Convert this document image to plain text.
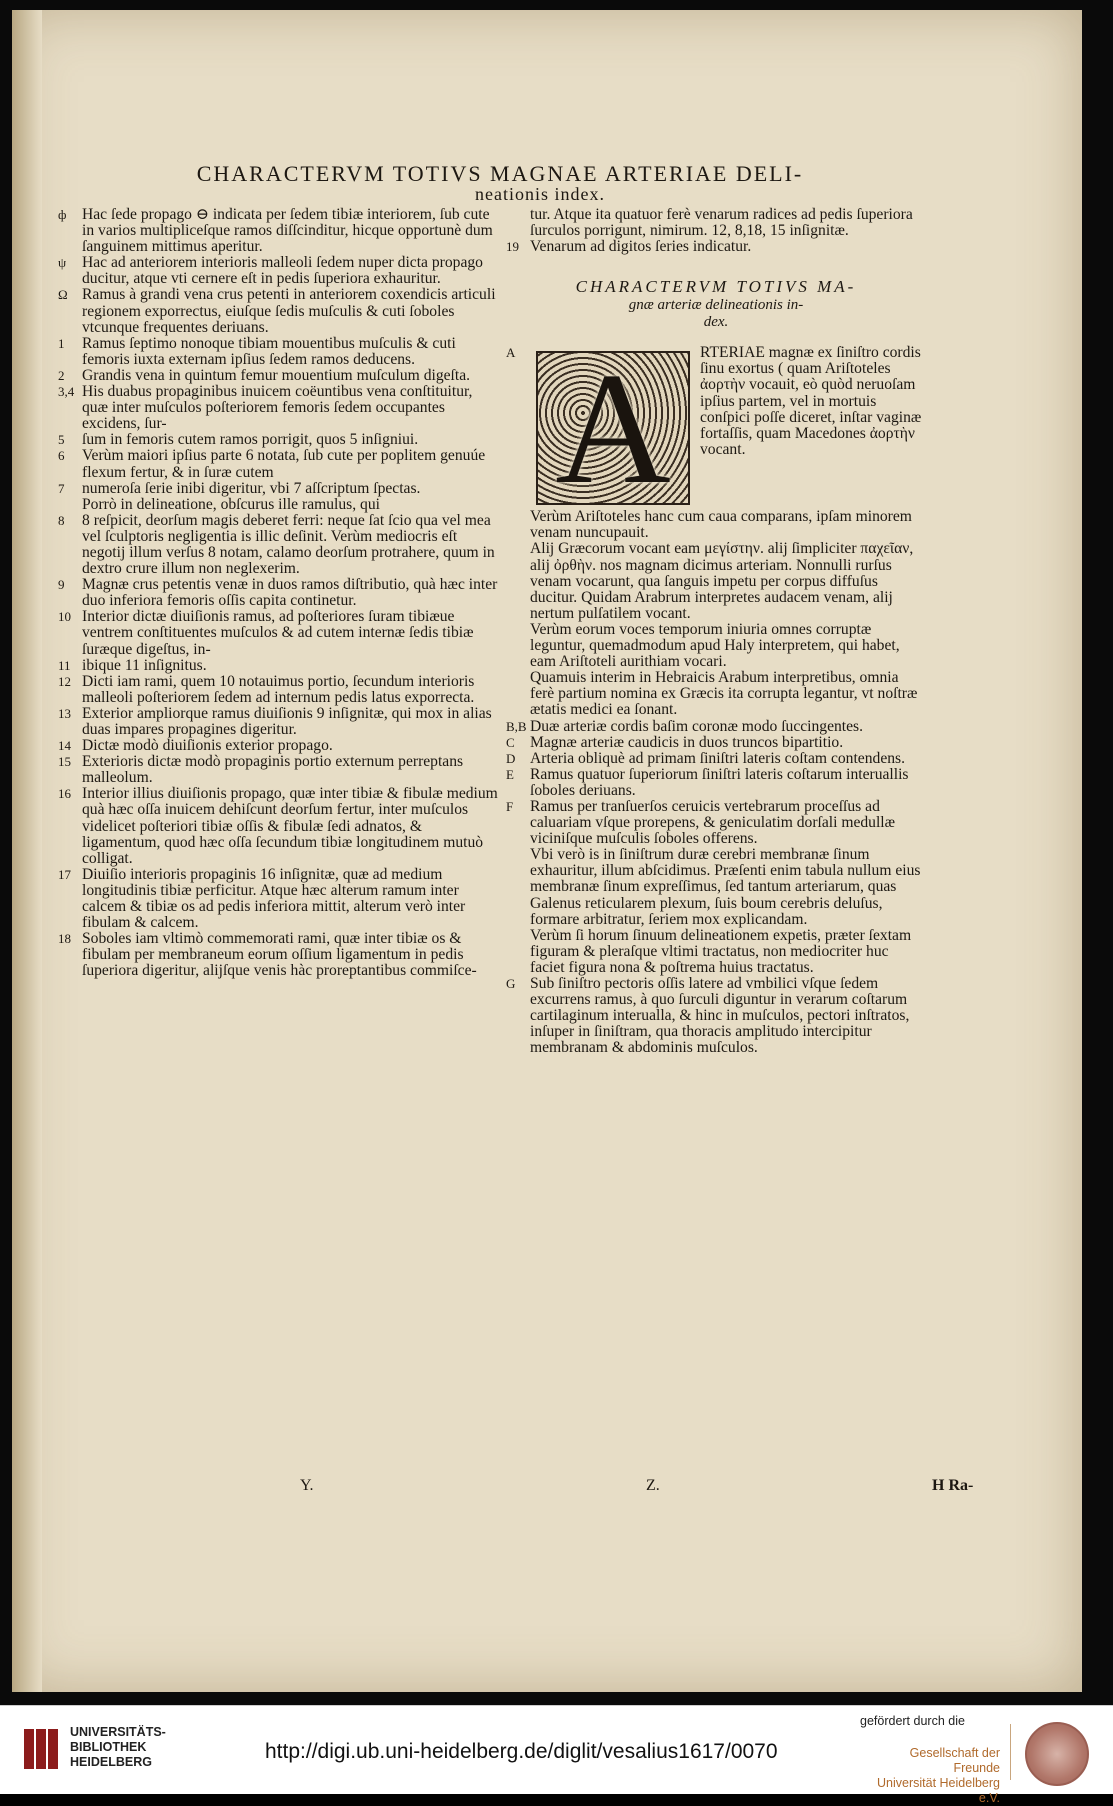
CHARACTERVM TOTIVS MAGNAE ARTERIAE DELI-
neationis index.

ф Hac ſede propago ⊖ indicata per ſedem tibiæ interiorem, ſub cute in varios multipliceſque ramos diſſcinditur, hicque opportunè dum ſanguinem mittimus aperitur.

ψ	Hac ad anteriorem interioris malleoli ſedem nuper dicta propago ducitur, atque vti cernere eſt in pedis ſuperiora exhauritur.

Ω Ramus à grandi vena crus petenti in anteriorem coxendicis articuli regionem exporrectus, eiuſque ſedis muſculis & cuti ſoboles vtcunque frequentes deriuans.

1	Ramus ſeptimo nonoque tibiam mouentibus muſculis & cuti femoris iuxta externam ipſius ſedem ramos deducens.

2	Grandis vena in quintum femur mouentium muſculum digeſta.

3,4 His duabus propaginibus inuicem coëuntibus vena conſtituitur, quæ inter muſculos poſteriorem femoris ſedem occupantes excidens, ſur-

5	ſum in femoris cutem ramos porrigit, quos 5 inſigniui.

6	Verùm maiori ipſius parte 6 notata, ſub cute per poplitem genuúe flexum fertur, & in ſuræ cutem

7	numeroſa ſerie inibi digeritur, vbi 7 aſſcriptum ſpectas.

Porrò in delineatione, obſcurus ille ramulus, qui

8	8 reſpicit, deorſum magis deberet ferri: neque ſat ſcio qua vel mea vel ſculptoris negligentia is illic deſinit. Verùm mediocris eſt negotij illum verſus 8 notam, calamo deorſum protrahere, quum in dextro crure illum non neglexerim.

9	Magnæ crus petentis venæ in duos ramos diſtributio, quà hæc inter duo inferiora femoris oſſis capita continetur.

10 Interior dictæ diuiſionis ramus, ad poſteriores ſuram tibiæue ventrem conſtituentes muſculos & ad cutem internæ ſedis tibiæ ſuræque digeſtus, in-

11 ibique 11 inſignitus.

12 Dicti iam rami, quem 10 notauimus portio, ſecundum interioris malleoli poſteriorem ſedem ad internum pedis latus exporrecta.

13 Exterior ampliorque ramus diuiſionis 9 inſignitæ, qui mox in alias duas impares propagines digeritur.

14 Dictæ modò diuiſionis exterior propago.

15 Exterioris dictæ modò propaginis portio externum perreptans malleolum.

16 Interior illius diuiſionis propago, quæ inter tibiæ & fibulæ medium quà hæc oſſa inuicem dehiſcunt deorſum fertur, inter muſculos videlicet poſteriori tibiæ oſſis & fibulæ ſedi adnatos, & ligamentum, quod hæc oſſa ſecundum tibiæ longitudinem mutuò colligat.

17 Diuiſio interioris propaginis 16 inſignitæ, quæ ad medium longitudinis tibiæ perficitur. Atque hæc alterum ramum inter calcem & tibiæ os ad pedis inferiora mittit, alterum verò inter fibulam & calcem.

18 Soboles iam vltimò commemorati rami, quæ inter tibiæ os & fibulam per membraneum eorum oſſium ligamentum in pedis ſuperiora digeritur, alijſque venis hàc proreptantibus commiſce-

Y.

tur. Atque ita quatuor ferè venarum radices ad pedis ſuperiora ſurculos porrigunt, nimirum. 12, 8,18, 15 inſignitæ.

19 Venarum ad digitos ſeries indicatur.

CHARACTERVM TOTIVS MA-
gnæ arteriæ delineationis in-
dex.

A A	RTERIAE magnæ ex ſiniſtro cordis ſinu exortus ( quam Ariſtoteles ἀορτὴν vocauit, eò quòd neruoſam ipſius partem, vel in mortuis conſpici poſſe diceret, inſtar vaginæ fortaſſis, quam Macedones ἀορτὴν vocant.

Verùm Ariſtoteles hanc cum caua comparans, ipſam minorem venam nuncupauit.

Alij Græcorum vocant eam μεγίστην. alij ſimpliciter παχεῖαν, alij ὀρθὴν. nos magnam dicimus arteriam. Nonnulli rurſus venam vocarunt, qua ſanguis impetu per corpus diffuſus ducitur. Quidam Arabrum interpretes audacem venam, alij nertum pulſatilem vocant.

Verùm eorum voces temporum iniuria omnes corruptæ leguntur, quemadmodum apud Haly interpretem, qui habet, eam Ariſtoteli aurithiam vocari.

Quamuis interim in Hebraicis Arabum interpretibus, omnia ferè partium nomina ex Græcis ita corrupta legantur, vt noſtræ ætatis medici ea ſonant.

B,B Duæ arteriæ cordis baſim coronæ modo ſuccingentes.

C Magnæ arteriæ caudicis in duos truncos bipartitio.

D Arteria obliquè ad primam ſiniſtri lateris coſtam contendens.

E	Ramus quatuor ſuperiorum ſiniſtri lateris coſtarum interuallis ſoboles deriuans.

F	Ramus per tranſuerſos ceruicis vertebrarum proceſſus ad caluariam vſque prorepens, & geniculatim dorſali medullæ viciniſque muſculis ſoboles offerens.

Vbi verò is in ſiniſtrum duræ cerebri membranæ ſinum exhauritur, illum abſcidimus. Præſenti enim tabula nullum eius membranæ ſinum expreſſimus, ſed tantum arteriarum, quas Galenus reticularem plexum, ſuis boum cerebris deluſus, formare arbitratur, ſeriem mox explicandam.

Verùm ſi horum ſinuum delineationem expetis, præter ſextam figuram & pleraſque vltimi tractatus, non mediocriter huc faciet figura nona & poſtrema huius tractatus.

G Sub ſiniſtro pectoris oſſis latere ad vmbilici vſque ſedem excurrens ramus, à quo ſurculi diguntur in verarum coſtarum cartilaginum interualla, & hinc in muſculos, pectori inſtratos, inſuper in ſiniſtram, qua thoracis amplitudo intercipitur membranam & abdominis muſculos.

Z.	H Ra-
UNIVERSITÄTS-
BIBLIOTHEK
HEIDELBERG	http://digi.ub.uni-heidelberg.de/diglit/vesalius1617/0070
gefördert durch die
Gesellschaft der Freunde
Universität Heidelberg e.V.
